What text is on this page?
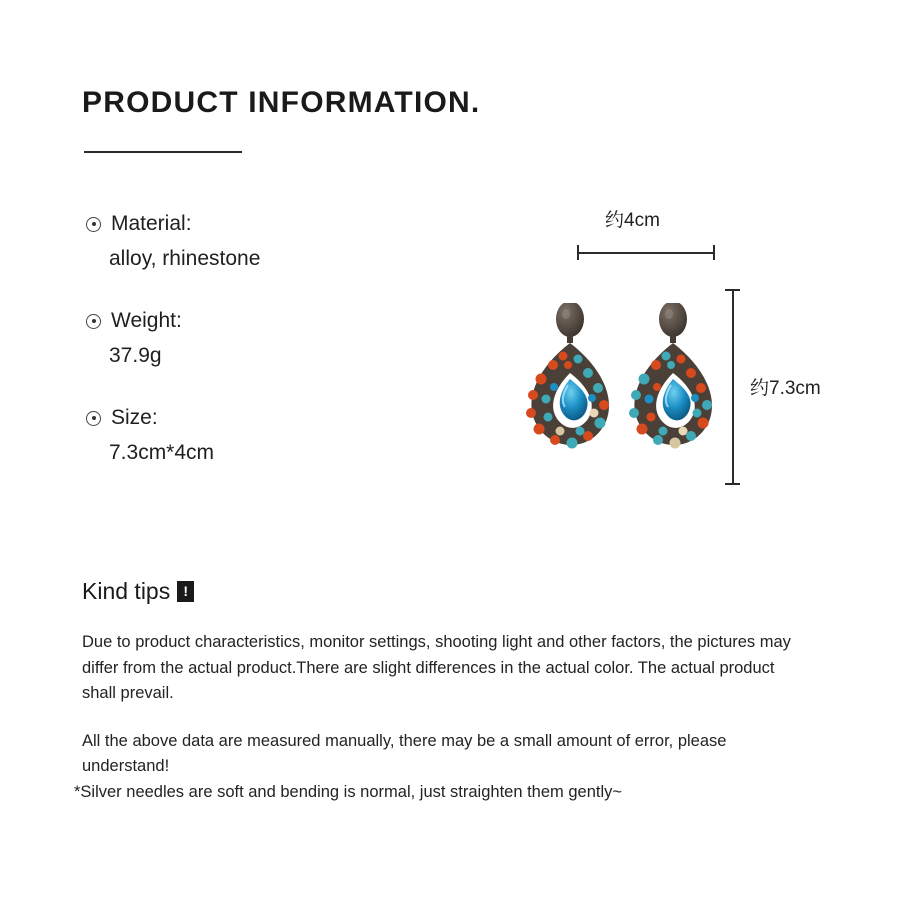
PRODUCT INFORMATION.
Material:
alloy, rhinestone
Weight:
37.9g
Size:
7.3cm*4cm
约4cm
约7.3cm
Kind tips !

Due to product characteristics, monitor settings, shooting light and other factors, the pictures may differ from the actual product.There are slight differences in the actual color. The actual product shall prevail.

All the above data are measured manually, there may be a small amount of error, please understand!

*Silver needles are soft and bending is normal, just straighten them gently~
